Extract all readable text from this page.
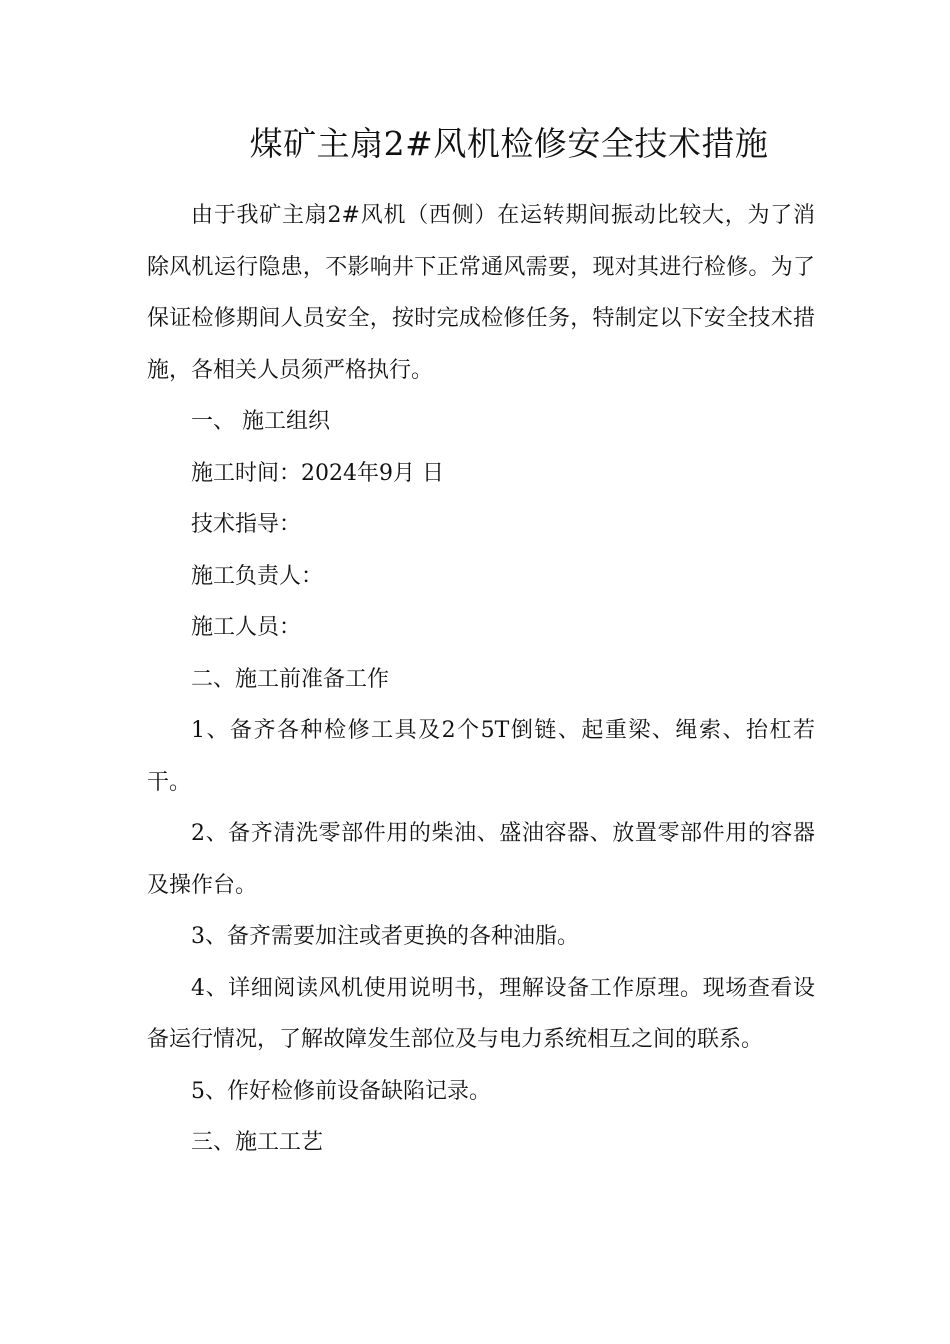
煤矿主扇2#风机检修安全技术措施

由于我矿主扇2#风机（西侧）在运转期间振动比较大，为了消除风机运行隐患，不影响井下正常通风需要，现对其进行检修。为了保证检修期间人员安全，按时完成检修任务，特制定以下安全技术措施，各相关人员须严格执行。

一、 施工组织

施工时间：2024年9月 日

技术指导：

施工负责人：

施工人员：

二、施工前准备工作

1、备齐各种检修工具及2个5T倒链、起重梁、绳索、抬杠若干。

2、备齐清洗零部件用的柴油、盛油容器、放置零部件用的容器及操作台。

3、备齐需要加注或者更换的各种油脂。

4、详细阅读风机使用说明书，理解设备工作原理。现场查看设备运行情况，了解故障发生部位及与电力系统相互之间的联系。

5、作好检修前设备缺陷记录。

三、施工工艺
